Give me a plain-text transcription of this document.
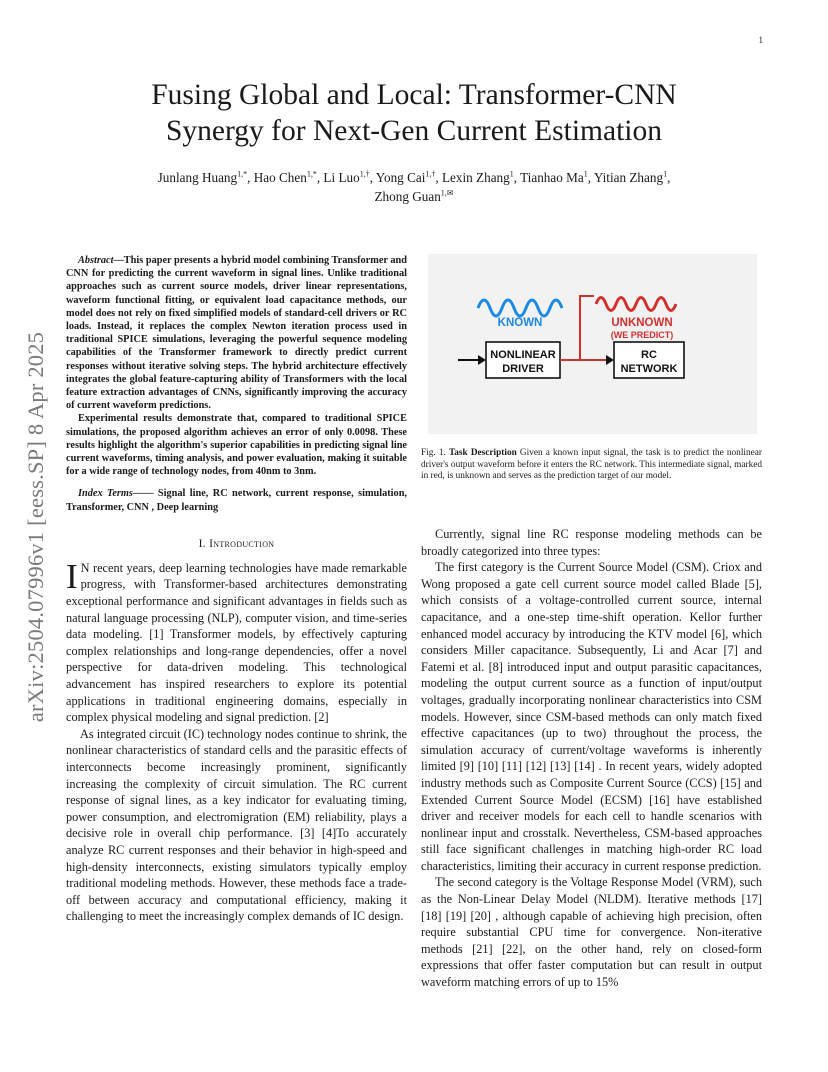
1
arXiv:2504.07996v1 [eess.SP] 8 Apr 2025
Fusing Global and Local: Transformer-CNN
Synergy for Next-Gen Current Estimation
Junlang Huang$^{1,*}$, Hao Chen$^{1,*}$, Li Luo$^{1,\dagger}$, Yong Cai$^{1,\dagger}$, Lexin Zhang$^1$, Tianhao Ma$^1$, Yitian Zhang$^1$,
Zhong Guan$^{1,✉}$

Abstract—This paper presents a hybrid model combining Transformer and CNN for predicting the current waveform in signal lines. Unlike traditional approaches such as current source models, driver linear representations, waveform functional fitting, or equivalent load capacitance methods, our model does not rely on fixed simplified models of standard-cell drivers or RC loads. Instead, it replaces the complex Newton iteration process used in traditional SPICE simulations, leveraging the powerful sequence modeling capabilities of the Transformer framework to directly predict current responses without iterative solving steps. The hybrid architecture effectively integrates the global feature-capturing ability of Transformers with the local feature extraction advantages of CNNs, significantly improving the accuracy of current waveform predictions.

Experimental results demonstrate that, compared to traditional SPICE simulations, the proposed algorithm achieves an error of only 0.0098. These results highlight the algorithm's superior capabilities in predicting signal line current waveforms, timing analysis, and power evaluation, making it suitable for a wide range of technology nodes, from 40nm to 3nm.

Index Terms—— Signal line, RC network, current response, simulation, Transformer, CNN , Deep learning

I. Introduction

I N recent years, deep learning technologies have made remarkable progress, with Transformer-based architectures demonstrating exceptional performance and significant advantages in fields such as natural language processing (NLP), computer vision, and time-series data modeling. [1] Transformer models, by effectively capturing complex relationships and long-range dependencies, offer a novel perspective for data-driven modeling. This technological advancement has inspired researchers to explore its potential applications in traditional engineering domains, especially in complex physical modeling and signal prediction. [2]

As integrated circuit (IC) technology nodes continue to shrink, the nonlinear characteristics of standard cells and the parasitic effects of interconnects become increasingly prominent, significantly increasing the complexity of circuit simulation. The RC current response of signal lines, as a key indicator for evaluating timing, power consumption, and electromigration (EM) reliability, plays a decisive role in overall chip performance. [3] [4]To accurately analyze RC current responses and their behavior in high-speed and high-density interconnects, existing simulators typically employ traditional modeling methods. However, these methods face a trade-off between accuracy and computational efficiency, making it challenging to meet the increasingly complex demands of IC design.

KNOWN	UNKNOWN
(WE PREDICT)
NONLINEAR
DRIVER
RC
NETWORK
Fig. 1. Task Description Given a known input signal, the task is to predict the nonlinear driver's output waveform before it enters the RC network. This intermediate signal, marked in red, is unknown and serves as the prediction target of our model.

Currently, signal line RC response modeling methods can be broadly categorized into three types:

The first category is the Current Source Model (CSM). Criox and Wong proposed a gate cell current source model called Blade [5], which consists of a voltage-controlled current source, internal capacitance, and a one-step time-shift operation. Kellor further enhanced model accuracy by introducing the KTV model [6], which considers Miller capacitance. Subsequently, Li and Acar [7] and Fatemi et al. [8] introduced input and output parasitic capacitances, modeling the output current source as a function of input/output voltages, gradually incorporating nonlinear characteristics into CSM models. However, since CSM-based methods can only match fixed effective capacitances (up to two) throughout the process, the simulation accuracy of current/voltage waveforms is inherently limited [9] [10] [11] [12] [13] [14] . In recent years, widely adopted industry methods such as Composite Current Source (CCS) [15] and Extended Current Source Model (ECSM) [16] have established driver and receiver models for each cell to handle scenarios with nonlinear input and crosstalk. Nevertheless, CSM-based approaches still face significant challenges in matching high-order RC load characteristics, limiting their accuracy in current response prediction.

The second category is the Voltage Response Model (VRM), such as the Non-Linear Delay Model (NLDM). Iterative methods [17] [18] [19] [20] , although capable of achieving high precision, often require substantial CPU time for convergence. Non-iterative methods [21] [22], on the other hand, rely on closed-form expressions that offer faster computation but can result in output waveform matching errors of up to 15%
